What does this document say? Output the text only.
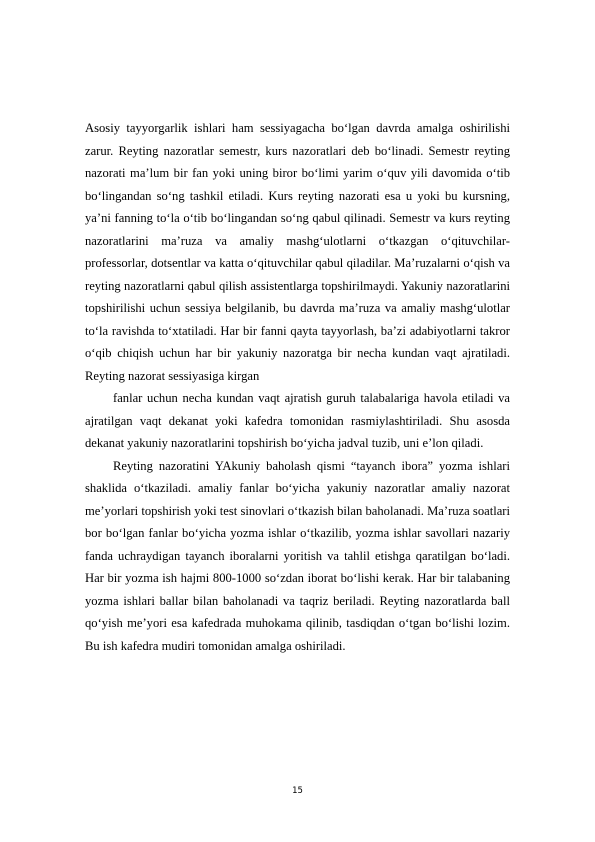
Asosiy tayyorgarlik ishlari ham sessiyagacha bo‘lgan davrda amalga oshirilishi zarur. Reyting nazoratlar semestr, kurs nazoratlari deb bo‘linadi. Semestr reyting nazorati ma’lum bir fan yoki uning biror bo‘limi yarim o‘quv yili davomida o‘tib bo‘lingandan so‘ng tashkil etiladi. Kurs reyting nazorati esa u yoki bu kursning, ya’ni fanning to‘la o‘tib bo‘lingandan so‘ng qabul qilinadi. Semestr va kurs reyting nazoratlarini ma’ruza va amaliy mashg‘ulotlarni o‘tkazgan o‘qituvchilar-professorlar, dotsentlar va katta o‘qituvchilar qabul qiladilar. Ma’ruzalarni o‘qish va reyting nazoratlarni qabul qilish assistentlarga topshirilmaydi. Yakuniy nazoratlarini topshirilishi uchun sessiya belgilanib, bu davrda ma’ruza va amaliy mashg‘ulotlar to‘la ravishda to‘xtatiladi. Har bir fanni qayta tayyorlash, ba’zi adabiyotlarni takror o‘qib chiqish uchun har bir yakuniy nazoratga bir necha kundan vaqt ajratiladi. Reyting nazorat sessiyasiga kirgan

fanlar uchun necha kundan vaqt ajratish guruh talabalariga havola etiladi va ajratilgan vaqt dekanat yoki kafedra tomonidan rasmiylashtiriladi. Shu asosda dekanat yakuniy nazoratlarini topshirish bo‘yicha jadval tuzib, uni e’lon qiladi.

Reyting nazoratini YAkuniy baholash qismi “tayanch ibora” yozma ishlari shaklida o‘tkaziladi. amaliy fanlar bo‘yicha yakuniy nazoratlar amaliy nazorat me’yorlari topshirish yoki test sinovlari o‘tkazish bilan baholanadi. Ma’ruza soatlari bor bo‘lgan fanlar bo‘yicha yozma ishlar o‘tkazilib, yozma ishlar savollari nazariy fanda uchraydigan tayanch iboralarni yoritish va tahlil etishga qaratilgan bo‘ladi. Har bir yozma ish hajmi 800-1000 so‘zdan iborat bo‘lishi kerak. Har bir talabaning yozma ishlari ballar bilan baholanadi va taqriz beriladi. Reyting nazoratlarda ball qo‘yish me’yori esa kafedrada muhokama qilinib, tasdiqdan o‘tgan bo‘lishi lozim. Bu ish kafedra mudiri tomonidan amalga oshiriladi.

15
